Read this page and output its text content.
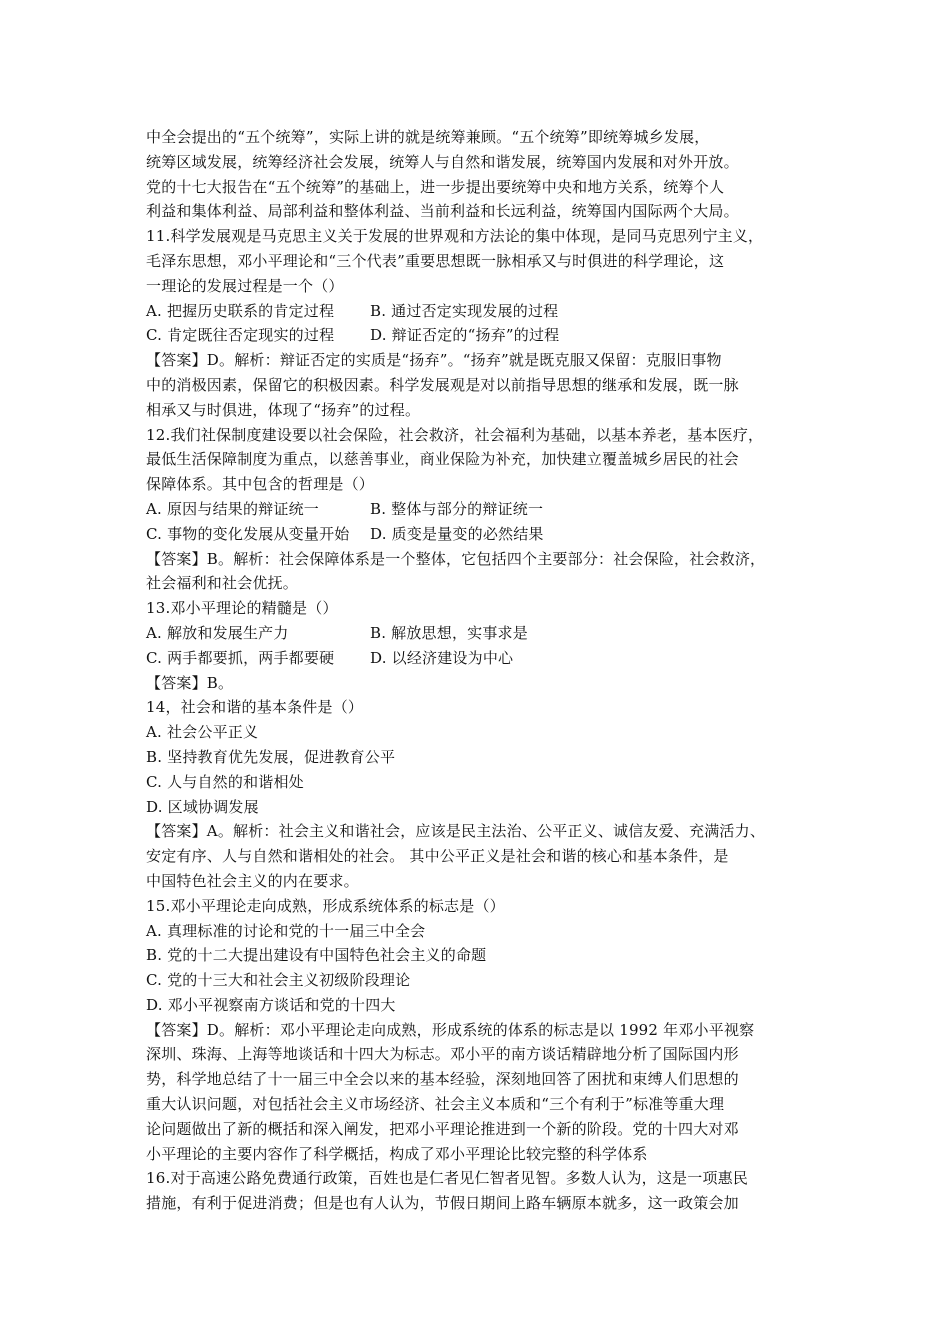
中全会提出的“五个统筹”，实际上讲的就是统筹兼顾。“五个统筹”即统筹城乡发展，
统筹区域发展，统筹经济社会发展，统筹人与自然和谐发展，统筹国内发展和对外开放。
党的十七大报告在“五个统筹”的基础上，进一步提出要统筹中央和地方关系，统筹个人
利益和集体利益、局部利益和整体利益、当前利益和长远利益，统筹国内国际两个大局。
11.科学发展观是马克思主义关于发展的世界观和方法论的集中体现，是同马克思列宁主义，
毛泽东思想，邓小平理论和“三个代表”重要思想既一脉相承又与时俱进的科学理论，这
一理论的发展过程是一个（）
A. 把握历史联系的肯定过程 B. 通过否定实现发展的过程
C. 肯定既往否定现实的过程 D. 辩证否定的“扬弃”的过程
【答案】D。解析：辩证否定的实质是“扬弃”。“扬弃”就是既克服又保留：克服旧事物
中的消极因素，保留它的积极因素。科学发展观是对以前指导思想的继承和发展，既一脉
相承又与时俱进，体现了“扬弃”的过程。
12.我们社保制度建设要以社会保险，社会救济，社会福利为基础，以基本养老，基本医疗，
最低生活保障制度为重点，以慈善事业，商业保险为补充，加快建立覆盖城乡居民的社会
保障体系。其中包含的哲理是（）
A. 原因与结果的辩证统一	B. 整体与部分的辩证统一
C. 事物的变化发展从变量开始 D. 质变是量变的必然结果
【答案】B。解析：社会保障体系是一个整体，它包括四个主要部分：社会保险，社会救济，
社会福利和社会优抚。
13.邓小平理论的精髓是（）
A. 解放和发展生产力	B. 解放思想，实事求是
C. 两手都要抓，两手都要硬 D. 以经济建设为中心
【答案】B。
14，社会和谐的基本条件是（）
A. 社会公平正义
B. 坚持教育优先发展，促进教育公平
C. 人与自然的和谐相处
D. 区域协调发展
【答案】A。解析：社会主义和谐社会，应该是民主法治、公平正义、诚信友爱、充满活力、
安定有序、人与自然和谐相处的社会。 其中公平正义是社会和谐的核心和基本条件，是
中国特色社会主义的内在要求。
15.邓小平理论走向成熟，形成系统体系的标志是（）
A. 真理标准的讨论和党的十一届三中全会
B. 党的十二大提出建设有中国特色社会主义的命题
C. 党的十三大和社会主义初级阶段理论
D. 邓小平视察南方谈话和党的十四大
【答案】D。解析：邓小平理论走向成熟，形成系统的体系的标志是以 1992 年邓小平视察
深圳、珠海、上海等地谈话和十四大为标志。邓小平的南方谈话精辟地分析了国际国内形
势，科学地总结了十一届三中全会以来的基本经验，深刻地回答了困扰和束缚人们思想的
重大认识问题，对包括社会主义市场经济、社会主义本质和“三个有利于”标准等重大理
论问题做出了新的概括和深入阐发，把邓小平理论推进到一个新的阶段。党的十四大对邓
小平理论的主要内容作了科学概括，构成了邓小平理论比较完整的科学体系
16.对于高速公路免费通行政策，百姓也是仁者见仁智者见智。多数人认为，这是一项惠民
措施，有利于促进消费；但是也有人认为，节假日期间上路车辆原本就多，这一政策会加
